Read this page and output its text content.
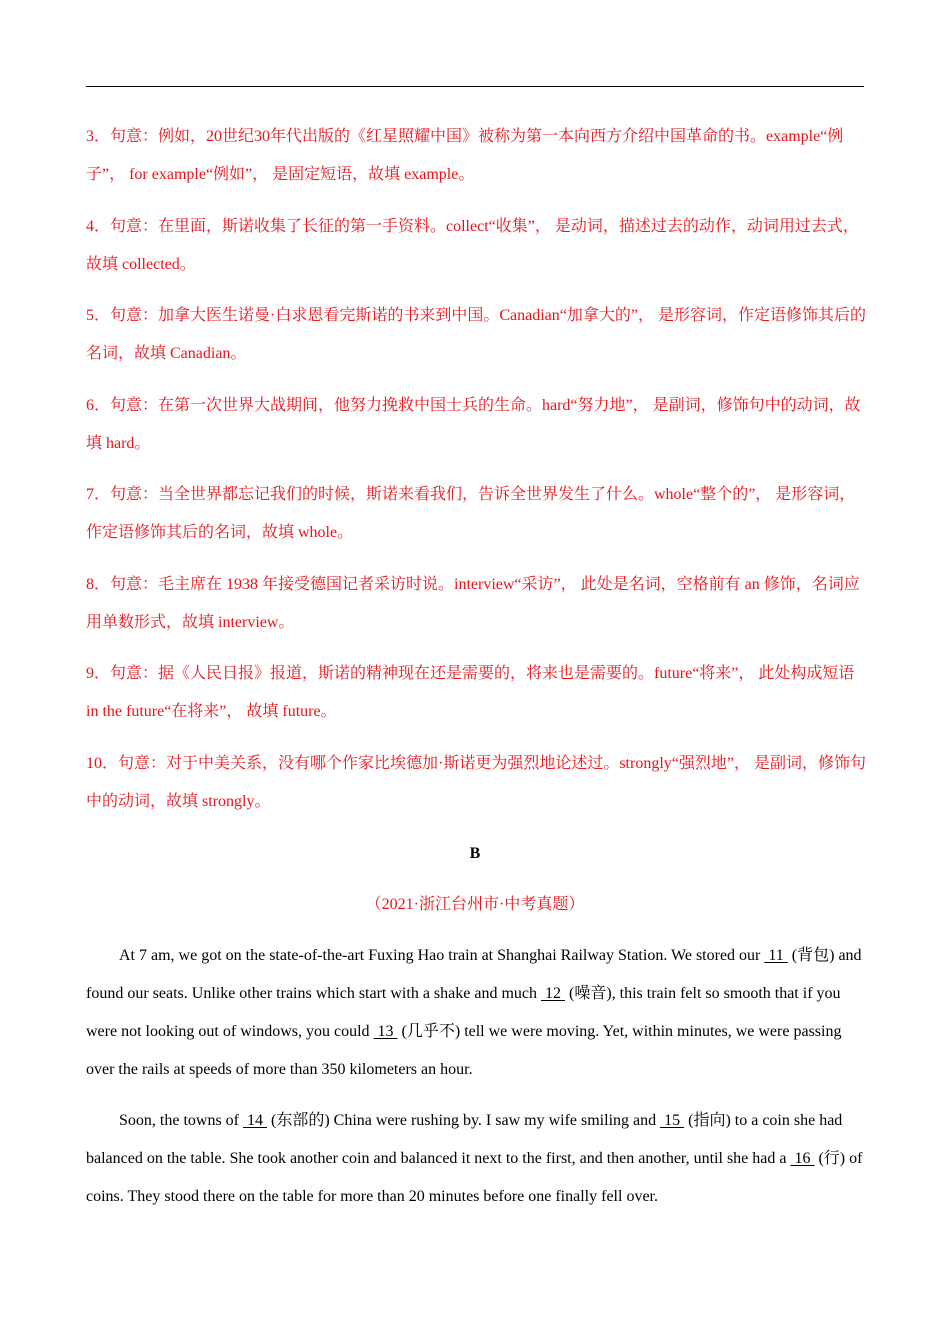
3．句意：例如，20世纪30年代出版的《红星照耀中国》被称为第一本向西方介绍中国革命的书。example“例子”， for example“例如”， 是固定短语，故填 example。

4．句意：在里面，斯诺收集了长征的第一手资料。collect“收集”， 是动词，描述过去的动作，动词用过去式，故填 collected。

5．句意：加拿大医生诺曼·白求恩看完斯诺的书来到中国。Canadian“加拿大的”， 是形容词，作定语修饰其后的名词，故填 Canadian。

6．句意：在第一次世界大战期间，他努力挽救中国士兵的生命。hard“努力地”， 是副词，修饰句中的动词，故填 hard。

7．句意：当全世界都忘记我们的时候，斯诺来看我们，告诉全世界发生了什么。whole“整个的”， 是形容词，作定语修饰其后的名词，故填 whole。

8．句意：毛主席在 1938 年接受德国记者采访时说。interview“采访”， 此处是名词，空格前有 an 修饰，名词应用单数形式，故填 interview。

9．句意：据《人民日报》报道，斯诺的精神现在还是需要的，将来也是需要的。future“将来”， 此处构成短语 in the future“在将来”， 故填 future。

10．句意：对于中美关系，没有哪个作家比埃德加·斯诺更为强烈地论述过。strongly“强烈地”， 是副词，修饰句中的动词，故填 strongly。

B

（2021·浙江台州市·中考真题）

At 7 am, we got on the state-of-the-art Fuxing Hao train at Shanghai Railway Station. We stored our  11  (背包) and found our seats. Unlike other trains which start with a shake and much  12  (噪音), this train felt so smooth that if you were not looking out of windows, you could  13  (几乎不) tell we were moving. Yet, within minutes, we were passing over the rails at speeds of more than 350 kilometers an hour.

Soon, the towns of  14  (东部的) China were rushing by. I saw my wife smiling and  15  (指向) to a coin she had balanced on the table. She took another coin and balanced it next to the first, and then another, until she had a  16  (行) of coins. They stood there on the table for more than 20 minutes before one finally fell over.
